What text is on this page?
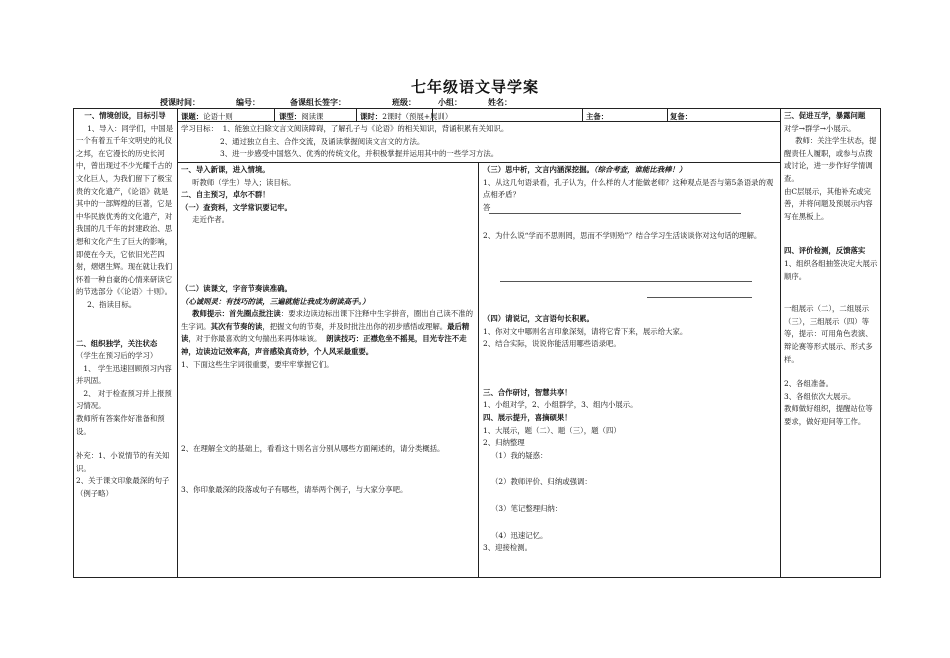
七年级语文导学案
授课时间：	编号：	备课组长签字：	班级：	小组：	姓名：
课题：论语十则	课型：阅读课	课时：2课时（预展+展训）	主备：	复备：

学习目标： 1、能独立扫除文言文阅读障碍，了解孔子与《论语》的相关知识，背诵积累有关知识。

2、通过独立自主、合作交流，及诵读掌握阅读文言文的方法。

3、进一步感受中国悠久、优秀的传统文化，并积极掌握并运用其中的一些学习方法。

一、情境创设，目标引导

1、导入：同学们，中国是一个有着五千年文明史的礼仪之邦，在它漫长的历史长河中，曾出现过不少光耀千古的文化巨人，为我们留下了极宝贵的文化遗产，《论语》就是其中的一部辉煌的巨著，它是中华民族优秀的文化遗产，对我国的几千年的封建政治、思想和文化产生了巨大的影响，即使在今天，它依旧光芒四射，熠熠生辉。现在就让我们怀着一种自豪的心情来研读它的节选部分《〈论语〉十则》。

2、指读目标。

二、组织独学，关注状态

（学生在预习后的学习）

1、 学生迅速回顾预习内容并巩固。

2、 对于检查预习并上报预习情况。

教师所有答案作好准备和预设。

补充：1、小说情节的有关知识。

2、关于课文印象最深的句子（例子略）

一、导入新课，进入情境。

听教师（学生）导入；读目标。

二、自主预习，卓尔不群！

（一）查资料，文学常识要记牢。

走近作者。

（二）读课文，字音节奏读准确。（心诚则灵：有技巧的读，三遍就能让我成为朗读高手。）

教师提示：首先圈点批注读：要求边读边标出课下注释中生字拼音，圈出自己读不准的生字词。其次有节奏的读，把握文句的节奏，并及时批注出你的初步感悟或理解。最后精读，对于你最喜欢的文句揣出来再体味该。 朗读技巧：正襟危坐不摇晃，目光专注不走神，边读边记效率高，声音感染真奇妙，个人风采最重要。

1、下面这些生字词很重要，要牢牢掌握它们。

2、在理解全文的基础上，看看这十则名言分别从哪些方面阐述的，请分类概括。

3、你印象最深的段落或句子有哪些，请举两个例子，与大家分享吧。

（三）思中析，文言内涵深挖掘。（综合考查，谁能比我棒！）

1、从这几句语录看，孔子认为，什么样的人才能做老师？这种观点是否与第5条语录的观点相矛盾？

答

2、为什么说“学而不思则罔，思而不学则殆”？结合学习生活谈谈你对这句话的理解。

（四）请说记，文言语句长积累。

1、你对文中哪则名言印象深刻，请将它背下来，展示给大家。

2、结合实际，说说你能活用哪些语录吧。

三、合作研讨，智慧共享！

1、小组对学，2、小组群学，3、组内小展示。

四、展示提升，喜摘硕果！

1、大展示，题（二）、题（三），题（四）

2、归纳整理

（1）我的疑惑：

（2）教师评价、归纳或强调：

（3）笔记整理归纳：

（4）迅速记忆。

3、迎接检测。

三、促进互学，暴露问题

对学→群学→小展示。

教师：关注学生状态，提醒责任人履职，或参与点拨或讨论，进一步作好学情调查。

由C层展示，其他补充或完善，并将问题及预展示内容写在黑板上。

四、评价检测，反馈落实

1、组织各组抽签决定大展示顺序。

一组展示（二），二组展示（三），三组展示（四）等等，提示：可用角色表演、辩论赛等形式展示、形式多样。

2、各组准备。

3、各组依次大展示。

教师做好组织，提醒站位等要求，做好迎问等工作。
